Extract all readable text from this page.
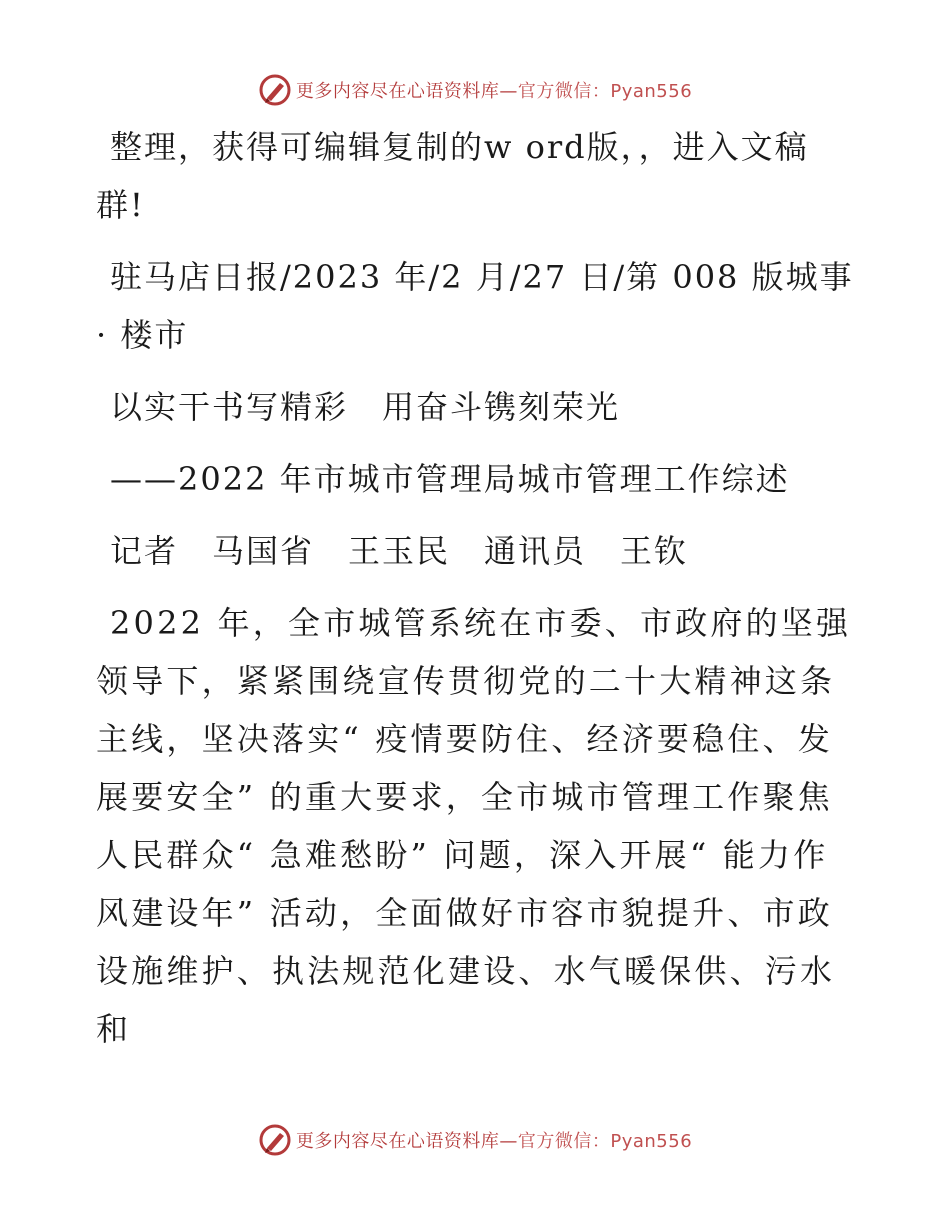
更多内容尽在心语资料库—官方微信：Pyan556

整理，获得可编辑复制的w ord版，，进入文稿群!

驻马店日报/2023 年/2 月/27 日/第 008 版城事· 楼市

以实干书写精彩　用奋斗镌刻荣光

——2022 年市城市管理局城市管理工作综述

记者　马国省　王玉民　通讯员　王钦

2022 年，全市城管系统在市委、市政府的坚强领导下，紧紧围绕宣传贯彻党的二十大精神这条主线，坚决落实“ 疫情要防住、经济要稳住、发展要安全” 的重大要求，全市城市管理工作聚焦人民群众“ 急难愁盼” 问题，深入开展“ 能力作风建设年” 活动，全面做好市容市貌提升、市政设施维护、执法规范化建设、水气暖保供、污水和

更多内容尽在心语资料库—官方微信：Pyan556
